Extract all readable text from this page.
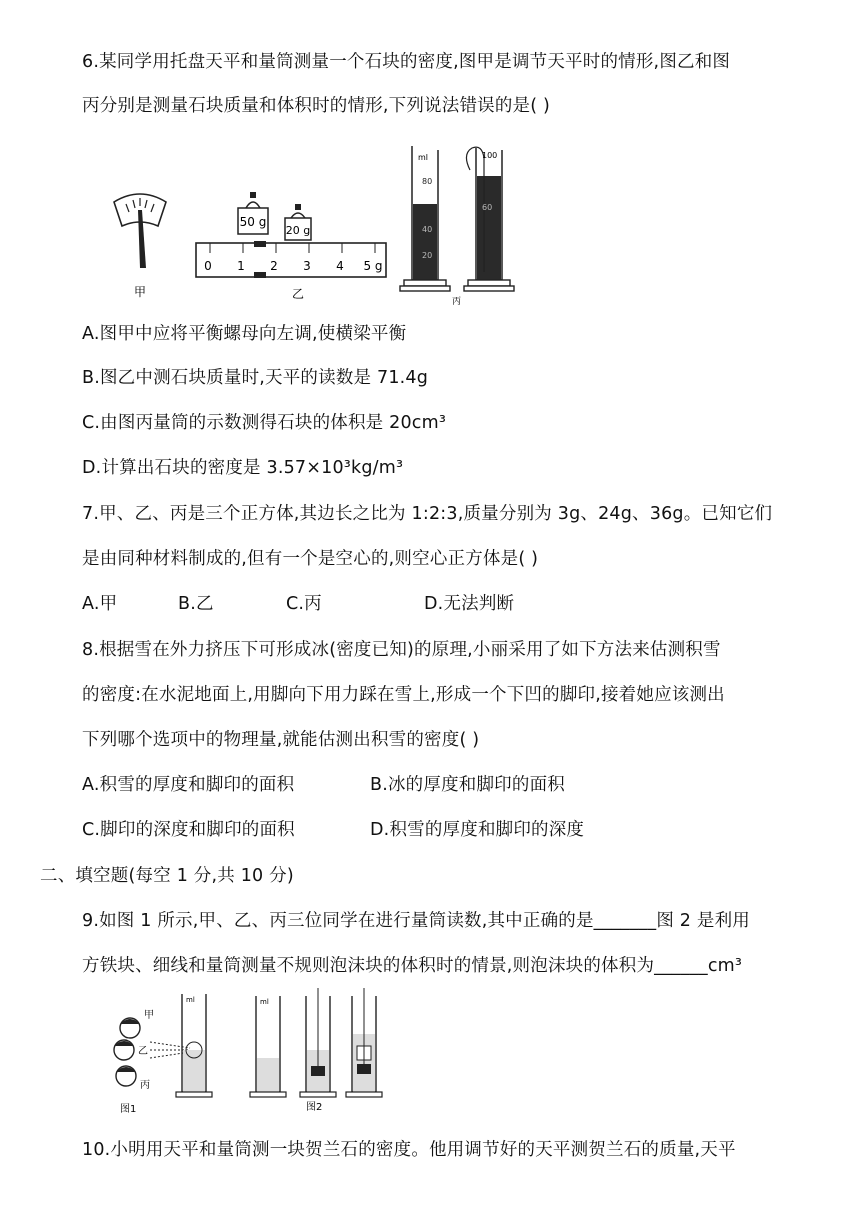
6.某同学用托盘天平和量筒测量一个石块的密度,图甲是调节天平时的情形,图乙和图
丙分别是测量石块质量和体积时的情形,下列说法错误的是( )
甲
50 g
20 g
0 1 2 3 4 5 g
乙
ml
80
40
20
100
60
丙
A.图甲中应将平衡螺母向左调,使横梁平衡
B.图乙中测石块质量时,天平的读数是 71.4g
C.由图丙量筒的示数测得石块的体积是 20cm³
D.计算出石块的密度是 3.57×10³kg/m³
7.甲、乙、丙是三个正方体,其边长之比为 1:2:3,质量分别为 3g、24g、36g。已知它们
是由同种材料制成的,但有一个是空心的,则空心正方体是( )
A.甲	B.乙	C.丙	D.无法判断
8.根据雪在外力挤压下可形成冰(密度已知)的原理,小丽采用了如下方法来估测积雪
的密度:在水泥地面上,用脚向下用力踩在雪上,形成一个下凹的脚印,接着她应该测出
下列哪个选项中的物理量,就能估测出积雪的密度( )
A.积雪的厚度和脚印的面积	B.冰的厚度和脚印的面积
C.脚印的深度和脚印的面积	D.积雪的厚度和脚印的深度
二、填空题(每空 1 分,共 10 分)
9.如图 1 所示,甲、乙、丙三位同学在进行量筒读数,其中正确的是_______图 2 是利用
方铁块、细线和量筒测量不规则泡沫块的体积时的情景,则泡沫块的体积为______cm³
甲
乙
丙
ml
图1
ml
图2
10.小明用天平和量筒测一块贺兰石的密度。他用调节好的天平测贺兰石的质量,天平
